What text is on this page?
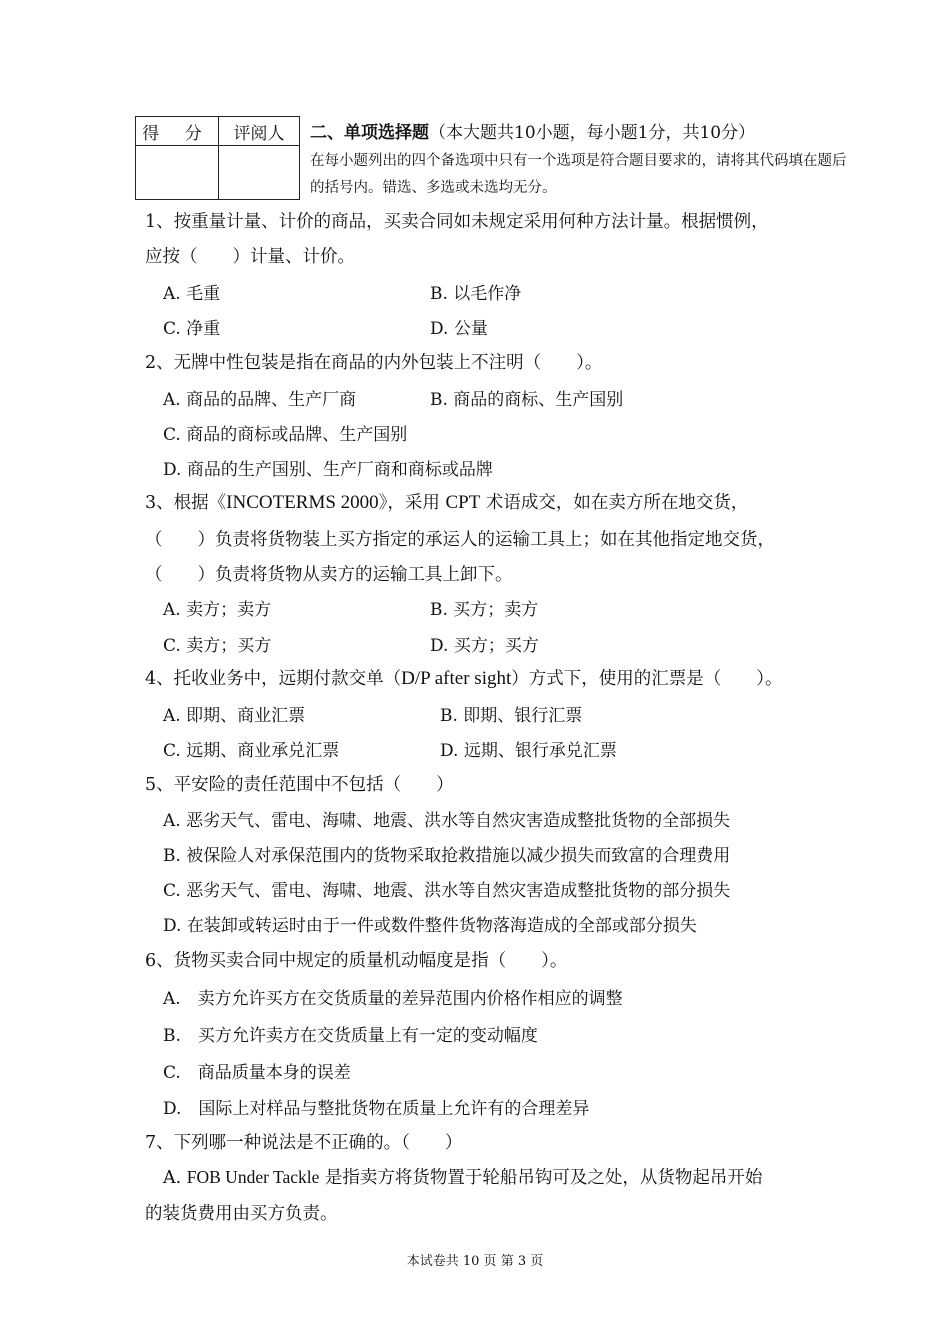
得 分	评阅人
	二、单项选择题（本大题共10小题，每小题1分，共10分）
在每小题列出的四个备选项中只有一个选项是符合题目要求的，请将其代码填在题后的括号内。错选、多选或未选均无分。
1、按重量计量、计价的商品，买卖合同如未规定采用何种方法计量。根据惯例，
应按（　　）计量、计价。
A. 毛重	B. 以毛作净
C. 净重	D. 公量
2、无牌中性包装是指在商品的内外包装上不注明（　　）。
A. 商品的品牌、生产厂商	B. 商品的商标、生产国别
C. 商品的商标或品牌、生产国别
D. 商品的生产国别、生产厂商和商标或品牌
3、根据《INCOTERMS 2000》，采用 CPT 术语成交，如在卖方所在地交货，
（　　）负责将货物装上买方指定的承运人的运输工具上；如在其他指定地交货，
（　　）负责将货物从卖方的运输工具上卸下。
A. 卖方；卖方	B. 买方；卖方
C. 卖方；买方	D. 买方；买方
4、托收业务中，远期付款交单（D/P after sight）方式下，使用的汇票是（　　）。
A. 即期、商业汇票	B. 即期、银行汇票
C. 远期、商业承兑汇票	D. 远期、银行承兑汇票
5、平安险的责任范围中不包括（　　）
A. 恶劣天气、雷电、海啸、地震、洪水等自然灾害造成整批货物的全部损失
B. 被保险人对承保范围内的货物采取抢救措施以减少损失而致富的合理费用
C. 恶劣天气、雷电、海啸、地震、洪水等自然灾害造成整批货物的部分损失
D. 在装卸或转运时由于一件或数件整件货物落海造成的全部或部分损失
6、货物买卖合同中规定的质量机动幅度是指（　　）。
A.　卖方允许买方在交货质量的差异范围内价格作相应的调整
B.　买方允许卖方在交货质量上有一定的变动幅度
C.　商品质量本身的误差
D.　国际上对样品与整批货物在质量上允许有的合理差异
7、下列哪一种说法是不正确的。（　　）
A. FOB Under Tackle 是指卖方将货物置于轮船吊钩可及之处，从货物起吊开始
的装货费用由买方负责。
本试卷共 10 页 第 3 页
